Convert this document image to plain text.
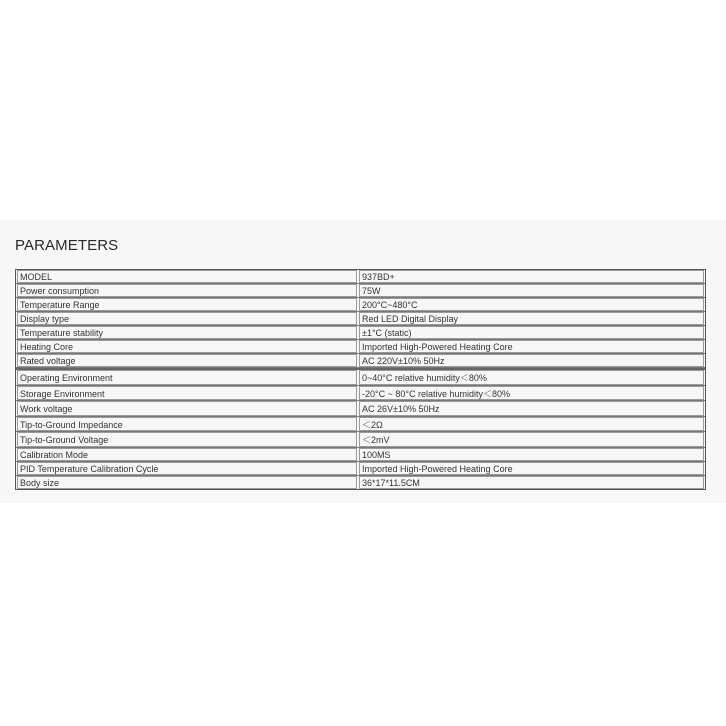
PARAMETERS
MODEL	937BD+
Power consumption	75W
Temperature Range	200°C~480°C
Display type	Red LED Digital Display
Temperature stability	±1°C (static)
Heating Core	Imported High-Powered Heating Core
Rated voltage	AC 220V±10% 50Hz
Operating Environment	0~40°C relative humidity＜80%
Storage Environment	-20°C ~ 80°C relative humidity＜80%
Work voltage	AC 26V±10% 50Hz
Tip-to-Ground Impedance	＜2Ω
Tip-to-Ground Voltage	＜2mV
Calibration Mode	100MS
PID Temperature Calibration Cycle	Imported High-Powered Heating Core
Body size	36*17*11.5CM
